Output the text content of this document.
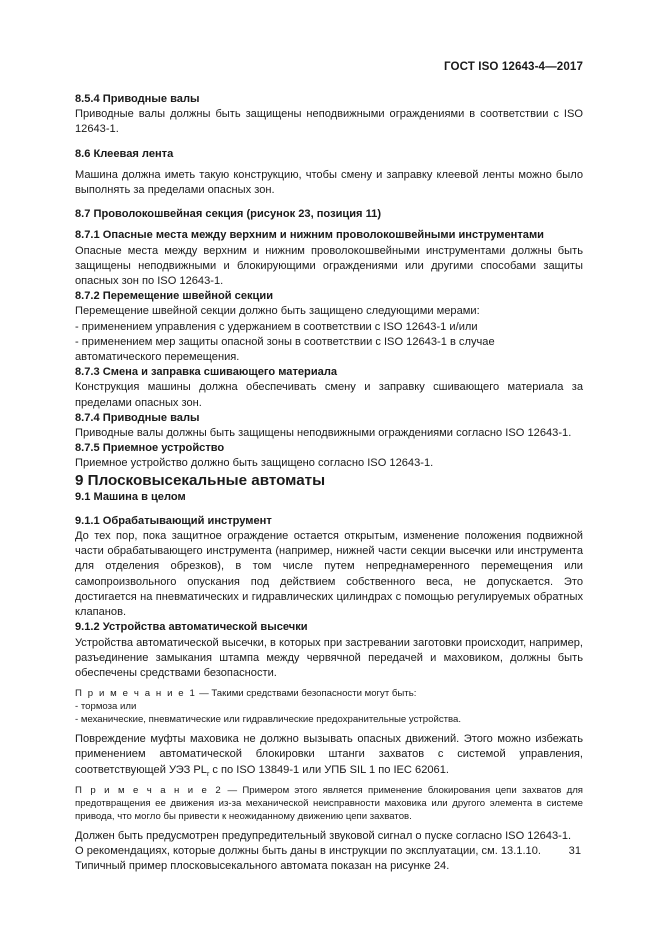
ГОСТ ISO 12643-4—2017

8.5.4 Приводные валы

Приводные валы должны быть защищены неподвижными ограждениями в соответствии с ISO 12643-1.

8.6 Клеевая лента

Машина должна иметь такую конструкцию, чтобы смену и заправку клеевой ленты можно было выполнять за пределами опасных зон.

8.7 Проволокошвейная секция (рисунок 23, позиция 11)

8.7.1 Опасные места между верхним и нижним проволокошвейными инструментами

Опасные места между верхним и нижним проволокошвейными инструментами должны быть защищены неподвижными и блокирующими ограждениями или другими способами защиты опасных зон по ISO 12643-1.

8.7.2 Перемещение швейной секции

Перемещение швейной секции должно быть защищено следующими мерами:

- применением управления с удержанием в соответствии с ISO 12643-1 и/или

- применением мер защиты опасной зоны в соответствии с ISO 12643-1 в случае автоматического перемещения.

8.7.3 Смена и заправка сшивающего материала

Конструкция машины должна обеспечивать смену и заправку сшивающего материала за пределами опасных зон.

8.7.4 Приводные валы

Приводные валы должны быть защищены неподвижными ограждениями согласно ISO 12643-1.

8.7.5 Приемное устройство

Приемное устройство должно быть защищено согласно ISO 12643-1.

9 Плосковысекальные автоматы

9.1 Машина в целом

9.1.1 Обрабатывающий инструмент

До тех пор, пока защитное ограждение остается открытым, изменение положения подвижной части обрабатывающего инструмента (например, нижней части секции высечки или инструмента для отделения обрезков), в том числе путем непреднамеренного перемещения или самопроизвольного опускания под действием собственного веса, не допускается. Это достигается на пневматических и гидравлических цилиндрах с помощью регулируемых обратных клапанов.

9.1.2 Устройства автоматической высечки

Устройства автоматической высечки, в которых при застревании заготовки происходит, например, разъединение замыкания штампа между червячной передачей и маховиком, должны быть обеспечены средствами безопасности.

П р и м е ч а н и е 1 — Такими средствами безопасности могут быть:

- тормоза или

- механические, пневматические или гидравлические предохранительные устройства.

Повреждение муфты маховика не должно вызывать опасных движений. Этого можно избежать применением автоматической блокировки штанги захватов с системой управления, соответствующей УЭЗ $PL_r$ с по ISO 13849-1 или УПБ SIL 1 по IEC 62061.

П р и м е ч а н и е 2 — Примером этого является применение блокирования цепи захватов для предотвращения ее движения из-за механической неисправности маховика или другого элемента в системе привода, что могло бы привести к неожиданному движению цепи захватов.

Должен быть предусмотрен предупредительный звуковой сигнал о пуске согласно ISO 12643-1.

О рекомендациях, которые должны быть даны в инструкции по эксплуатации, см. 13.1.10.

Типичный пример плосковысекального автомата показан на рисунке 24.

31
